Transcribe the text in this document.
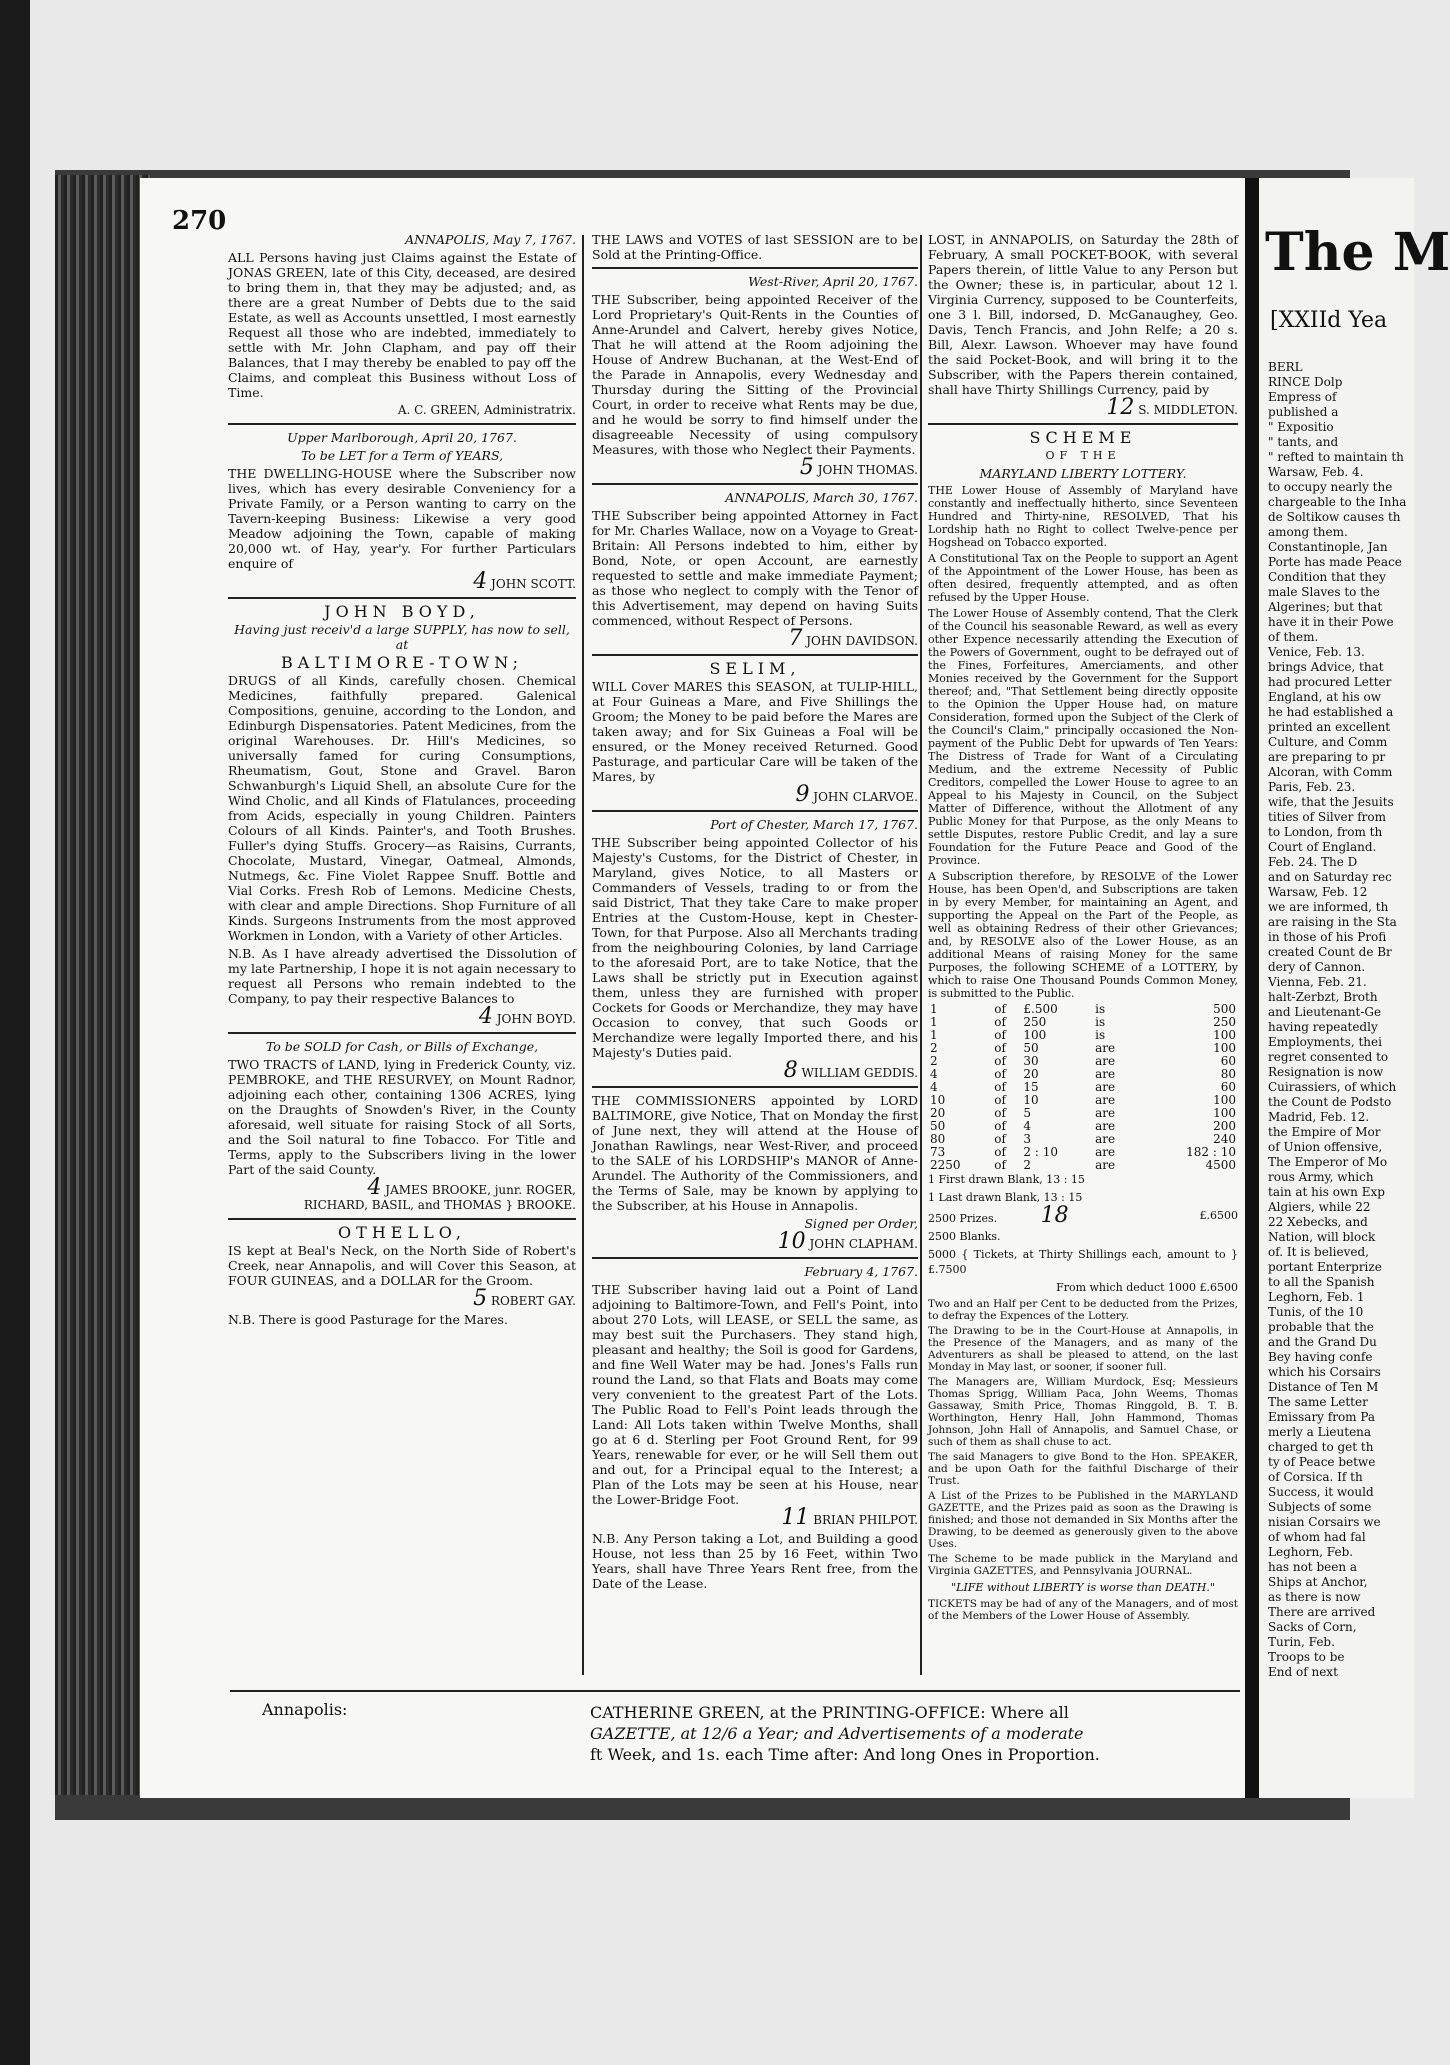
270

ANNAPOLIS, May 7, 1767.

ALL Persons having just Claims against the Estate of JONAS GREEN, late of this City, deceased, are desired to bring them in, that they may be adjusted; and, as there are a great Number of Debts due to the said Estate, as well as Accounts unsettled, I most earnestly Request all those who are indebted, immediately to settle with Mr. John Clapham, and pay off their Balances, that I may thereby be enabled to pay off the Claims, and compleat this Business without Loss of Time.

A. C. GREEN, Administratrix.

Upper Marlborough, April 20, 1767.

To be LET for a Term of YEARS,

THE DWELLING-HOUSE where the Subscriber now lives, which has every desirable Conveniency for a Private Family, or a Person wanting to carry on the Tavern-keeping Business: Likewise a very good Meadow adjoining the Town, capable of making 20,000 wt. of Hay, year'y. For further Particulars enquire of

4 JOHN SCOTT.

JOHN BOYD,

Having just receiv'd a large SUPPLY, has now to sell, at

BALTIMORE-TOWN;

DRUGS of all Kinds, carefully chosen. Chemical Medicines, faithfully prepared. Galenical Compositions, genuine, according to the London, and Edinburgh Dispensatories. Patent Medicines, from the original Warehouses. Dr. Hill's Medicines, so universally famed for curing Consumptions, Rheumatism, Gout, Stone and Gravel. Baron Schwanburgh's Liquid Shell, an absolute Cure for the Wind Cholic, and all Kinds of Flatulances, proceeding from Acids, especially in young Children. Painters Colours of all Kinds. Painter's, and Tooth Brushes. Fuller's dying Stuffs. Grocery—as Raisins, Currants, Chocolate, Mustard, Vinegar, Oatmeal, Almonds, Nutmegs, &c. Fine Violet Rappee Snuff. Bottle and Vial Corks. Fresh Rob of Lemons. Medicine Chests, with clear and ample Directions. Shop Furniture of all Kinds. Surgeons Instruments from the most approved Workmen in London, with a Variety of other Articles.

N.B. As I have already advertised the Dissolution of my late Partnership, I hope it is not again necessary to request all Persons who remain indebted to the Company, to pay their respective Balances to

4 JOHN BOYD.

To be SOLD for Cash, or Bills of Exchange,

TWO TRACTS of LAND, lying in Frederick County, viz. PEMBROKE, and THE RESURVEY, on Mount Radnor, adjoining each other, containing 1306 ACRES, lying on the Draughts of Snowden's River, in the County aforesaid, well situate for raising Stock of all Sorts, and the Soil natural to fine Tobacco. For Title and Terms, apply to the Subscribers living in the lower Part of the said County.

4 JAMES BROOKE, junr. ROGER, RICHARD, BASIL, and THOMAS } BROOKE.

OTHELLO,

IS kept at Beal's Neck, on the North Side of Robert's Creek, near Annapolis, and will Cover this Season, at FOUR GUINEAS, and a DOLLAR for the Groom.

5 ROBERT GAY.

N.B. There is good Pasturage for the Mares.

THE LAWS and VOTES of last SESSION are to be Sold at the Printing-Office.

West-River, April 20, 1767.

THE Subscriber, being appointed Receiver of the Lord Proprietary's Quit-Rents in the Counties of Anne-Arundel and Calvert, hereby gives Notice, That he will attend at the Room adjoining the House of Andrew Buchanan, at the West-End of the Parade in Annapolis, every Wednesday and Thursday during the Sitting of the Provincial Court, in order to receive what Rents may be due, and he would be sorry to find himself under the disagreeable Necessity of using compulsory Measures, with those who Neglect their Payments.

5 JOHN THOMAS.

ANNAPOLIS, March 30, 1767.

THE Subscriber being appointed Attorney in Fact for Mr. Charles Wallace, now on a Voyage to Great-Britain: All Persons indebted to him, either by Bond, Note, or open Account, are earnestly requested to settle and make immediate Payment; as those who neglect to comply with the Tenor of this Advertisement, may depend on having Suits commenced, without Respect of Persons.

7 JOHN DAVIDSON.

SELIM,

WILL Cover MARES this SEASON, at TULIP-HILL, at Four Guineas a Mare, and Five Shillings the Groom; the Money to be paid before the Mares are taken away; and for Six Guineas a Foal will be ensured, or the Money received Returned. Good Pasturage, and particular Care will be taken of the Mares, by

9 JOHN CLARVOE.

Port of Chester, March 17, 1767.

THE Subscriber being appointed Collector of his Majesty's Customs, for the District of Chester, in Maryland, gives Notice, to all Masters or Commanders of Vessels, trading to or from the said District, That they take Care to make proper Entries at the Custom-House, kept in Chester-Town, for that Purpose. Also all Merchants trading from the neighbouring Colonies, by land Carriage to the aforesaid Port, are to take Notice, that the Laws shall be strictly put in Execution against them, unless they are furnished with proper Cockets for Goods or Merchandize, they may have Occasion to convey, that such Goods or Merchandize were legally Imported there, and his Majesty's Duties paid.

8 WILLIAM GEDDIS.

THE COMMISSIONERS appointed by LORD BALTIMORE, give Notice, That on Monday the first of June next, they will attend at the House of Jonathan Rawlings, near West-River, and proceed to the SALE of his LORDSHIP's MANOR of Anne-Arundel. The Authority of the Commissioners, and the Terms of Sale, may be known by applying to the Subscriber, at his House in Annapolis.

Signed per Order,

10 JOHN CLAPHAM.

February 4, 1767.

THE Subscriber having laid out a Point of Land adjoining to Baltimore-Town, and Fell's Point, into about 270 Lots, will LEASE, or SELL the same, as may best suit the Purchasers. They stand high, pleasant and healthy; the Soil is good for Gardens, and fine Well Water may be had. Jones's Falls run round the Land, so that Flats and Boats may come very convenient to the greatest Part of the Lots. The Public Road to Fell's Point leads through the Land: All Lots taken within Twelve Months, shall go at 6 d. Sterling per Foot Ground Rent, for 99 Years, renewable for ever, or he will Sell them out and out, for a Principal equal to the Interest; a Plan of the Lots may be seen at his House, near the Lower-Bridge Foot.

11 BRIAN PHILPOT.

N.B. Any Person taking a Lot, and Building a good House, not less than 25 by 16 Feet, within Two Years, shall have Three Years Rent free, from the Date of the Lease.

LOST, in ANNAPOLIS, on Saturday the 28th of February, A small POCKET-BOOK, with several Papers therein, of little Value to any Person but the Owner; these is, in particular, about 12 l. Virginia Currency, supposed to be Counterfeits, one 3 l. Bill, indorsed, D. McGanaughey, Geo. Davis, Tench Francis, and John Relfe; a 20 s. Bill, Alexr. Lawson. Whoever may have found the said Pocket-Book, and will bring it to the Subscriber, with the Papers therein contained, shall have Thirty Shillings Currency, paid by

12 S. MIDDLETON.

SCHEME

OF THE

MARYLAND LIBERTY LOTTERY.

THE Lower House of Assembly of Maryland have constantly and ineffectually hitherto, since Seventeen Hundred and Thirty-nine, RESOLVED, That his Lordship hath no Right to collect Twelve-pence per Hogshead on Tobacco exported.

A Constitutional Tax on the People to support an Agent of the Appointment of the Lower House, has been as often desired, frequently attempted, and as often refused by the Upper House.

The Lower House of Assembly contend, That the Clerk of the Council his seasonable Reward, as well as every other Expence necessarily attending the Execution of the Powers of Government, ought to be defrayed out of the Fines, Forfeitures, Amerciaments, and other Monies received by the Government for the Support thereof; and, "That Settlement being directly opposite to the Opinion the Upper House had, on mature Consideration, formed upon the Subject of the Clerk of the Council's Claim," principally occasioned the Non-payment of the Public Debt for upwards of Ten Years: The Distress of Trade for Want of a Circulating Medium, and the extreme Necessity of Public Creditors, compelled the Lower House to agree to an Appeal to his Majesty in Council, on the Subject Matter of Difference, without the Allotment of any Public Money for that Purpose, as the only Means to settle Disputes, restore Public Credit, and lay a sure Foundation for the Future Peace and Good of the Province.

A Subscription therefore, by RESOLVE of the Lower House, has been Open'd, and Subscriptions are taken in by every Member, for maintaining an Agent, and supporting the Appeal on the Part of the People, as well as obtaining Redress of their other Grievances; and, by RESOLVE also of the Lower House, as an additional Means of raising Money for the same Purposes, the following SCHEME of a LOTTERY, by which to raise One Thousand Pounds Common Money, is submitted to the Public.

1	of	£.500	is	500
1	of	250	is	250
1	of	100	is	100
2	of	50	are	100
2	of	30	are	60
4	of	20	are	80
4	of	15	are	60
10	of	10	are	100
20	of	5	are	100
50	of	4	are	200
80	of	3	are	240
73	of	2 : 10	are	182 : 10
2250	of	2	are	4500

1 First drawn Blank, 13 : 15

1 Last drawn Blank, 13 : 15

2500 Prizes. 18	£.6500

2500 Blanks.

5000 { Tickets, at Thirty Shillings each, amount to } £.7500

From which deduct 1000 £.6500

Two and an Half per Cent to be deducted from the Prizes, to defray the Expences of the Lottery.

The Drawing to be in the Court-House at Annapolis, in the Presence of the Managers, and as many of the Adventurers as shall be pleased to attend, on the last Monday in May last, or sooner, if sooner full.

The Managers are, William Murdock, Esq; Messieurs Thomas Sprigg, William Paca, John Weems, Thomas Gassaway, Smith Price, Thomas Ringgold, B. T. B. Worthington, Henry Hall, John Hammond, Thomas Johnson, John Hall of Annapolis, and Samuel Chase, or such of them as shall chuse to act.

The said Managers to give Bond to the Hon. SPEAKER, and be upon Oath for the faithful Discharge of their Trust.

A List of the Prizes to be Published in the MARYLAND GAZETTE, and the Prizes paid as soon as the Drawing is finished; and those not demanded in Six Months after the Drawing, to be deemed as generously given to the above Uses.

The Scheme to be made publick in the Maryland and Virginia GAZETTES, and Pennsylvania JOURNAL.

"LIFE without LIBERTY is worse than DEATH."

TICKETS may be had of any of the Managers, and of most of the Members of the Lower House of Assembly.

Annapolis:	CATHERINE GREEN, at the PRINTING-OFFICE: Where all
GAZETTE, at 12/6 a Year; and Advertisements of a moderate
ft Week, and 1s. each Time after: And long Ones in Proportion.
The M
[XXIId Yea

BERL

RINCE Dolp

Empress of

published a

" Expositio

" tants, and

" refted to maintain th

Warsaw, Feb. 4.

to occupy nearly the

chargeable to the Inha

de Soltikow causes th

among them.

Constantinople, Jan

Porte has made Peace

Condition that they

male Slaves to the

Algerines; but that

have it in their Powe

of them.

Venice, Feb. 13.

brings Advice, that

had procured Letter

England, at his ow

he had established a

printed an excellent

Culture, and Comm

are preparing to pr

Alcoran, with Comm

Paris, Feb. 23.

wife, that the Jesuits

tities of Silver from

to London, from th

Court of England.

Feb. 24. The D

and on Saturday rec

Warsaw, Feb. 12

we are informed, th

are raising in the Sta

in those of his Profi

created Count de Br

dery of Cannon.

Vienna, Feb. 21.

halt-Zerbzt, Broth

and Lieutenant-Ge

having repeatedly

Employments, thei

regret consented to

Resignation is now

Cuirassiers, of which

the Count de Podsto

Madrid, Feb. 12.

the Empire of Mor

of Union offensive,

The Emperor of Mo

rous Army, which

tain at his own Exp

Algiers, while 22

22 Xebecks, and

Nation, will block

of. It is believed,

portant Enterprize

to all the Spanish

Leghorn, Feb. 1

Tunis, of the 10

probable that the

and the Grand Du

Bey having confe

which his Corsairs

Distance of Ten M

The same Letter

Emissary from Pa

merly a Lieutena

charged to get th

ty of Peace betwe

of Corsica. If th

Success, it would

Subjects of some

nisian Corsairs we

of whom had fal

Leghorn, Feb.

has not been a

Ships at Anchor,

as there is now

There are arrived

Sacks of Corn,

Turin, Feb.

Troops to be

End of next
